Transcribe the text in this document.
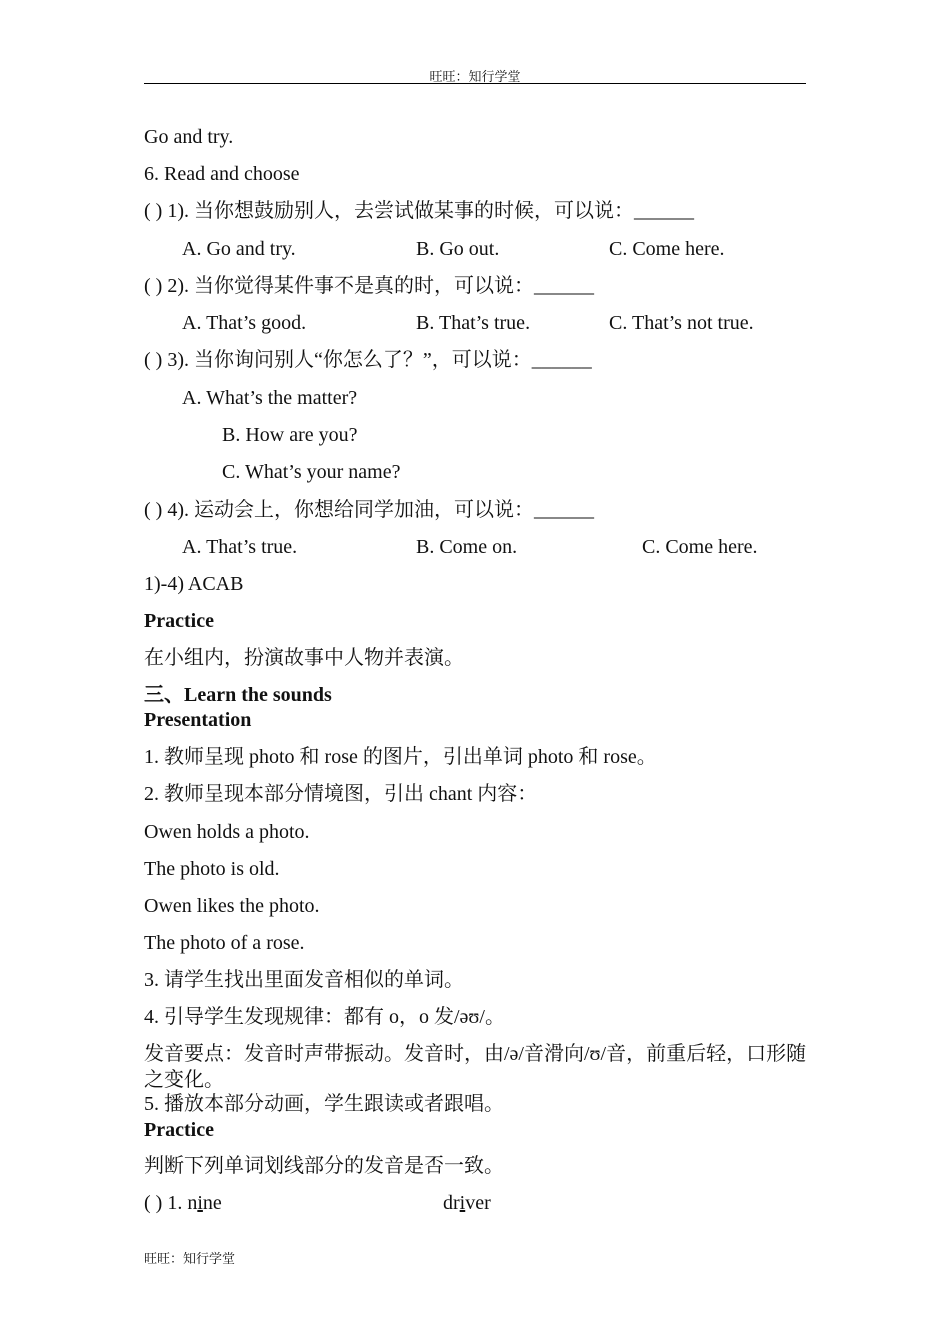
旺旺：知行学堂
Go and try.
6. Read and choose
( ) 1). 当你想鼓励别人，去尝试做某事的时候，可以说：______
A. Go and try.	B. Go out.	C. Come here.
( ) 2). 当你觉得某件事不是真的时，可以说：______
A. That’s good.	B. That’s true.	C. That’s not true.
( ) 3). 当你询问别人“你怎么了？”，可以说：______
A. What’s the matter?
B. How are you?
C. What’s your name?
( ) 4). 运动会上，你想给同学加油，可以说：______
A. That’s true.	B. Come on.	C. Come here.
1)-4) ACAB
Practice
在小组内，扮演故事中人物并表演。
三、Learn the sounds
Presentation
1. 教师呈现 photo 和 rose 的图片，引出单词 photo 和 rose。
2. 教师呈现本部分情境图，引出 chant 内容：
Owen holds a photo.
The photo is old.
Owen likes the photo.
The photo of a rose.
3. 请学生找出里面发音相似的单词。
4. 引导学生发现规律：都有 o，o 发/əʊ/。
发音要点：发音时声带振动。发音时，由/ə/音滑向/ʊ/音，前重后轻，口形随之变化。
5. 播放本部分动画，学生跟读或者跟唱。
Practice
判断下列单词划线部分的发音是否一致。
( ) 1. nine	driver
旺旺：知行学堂
